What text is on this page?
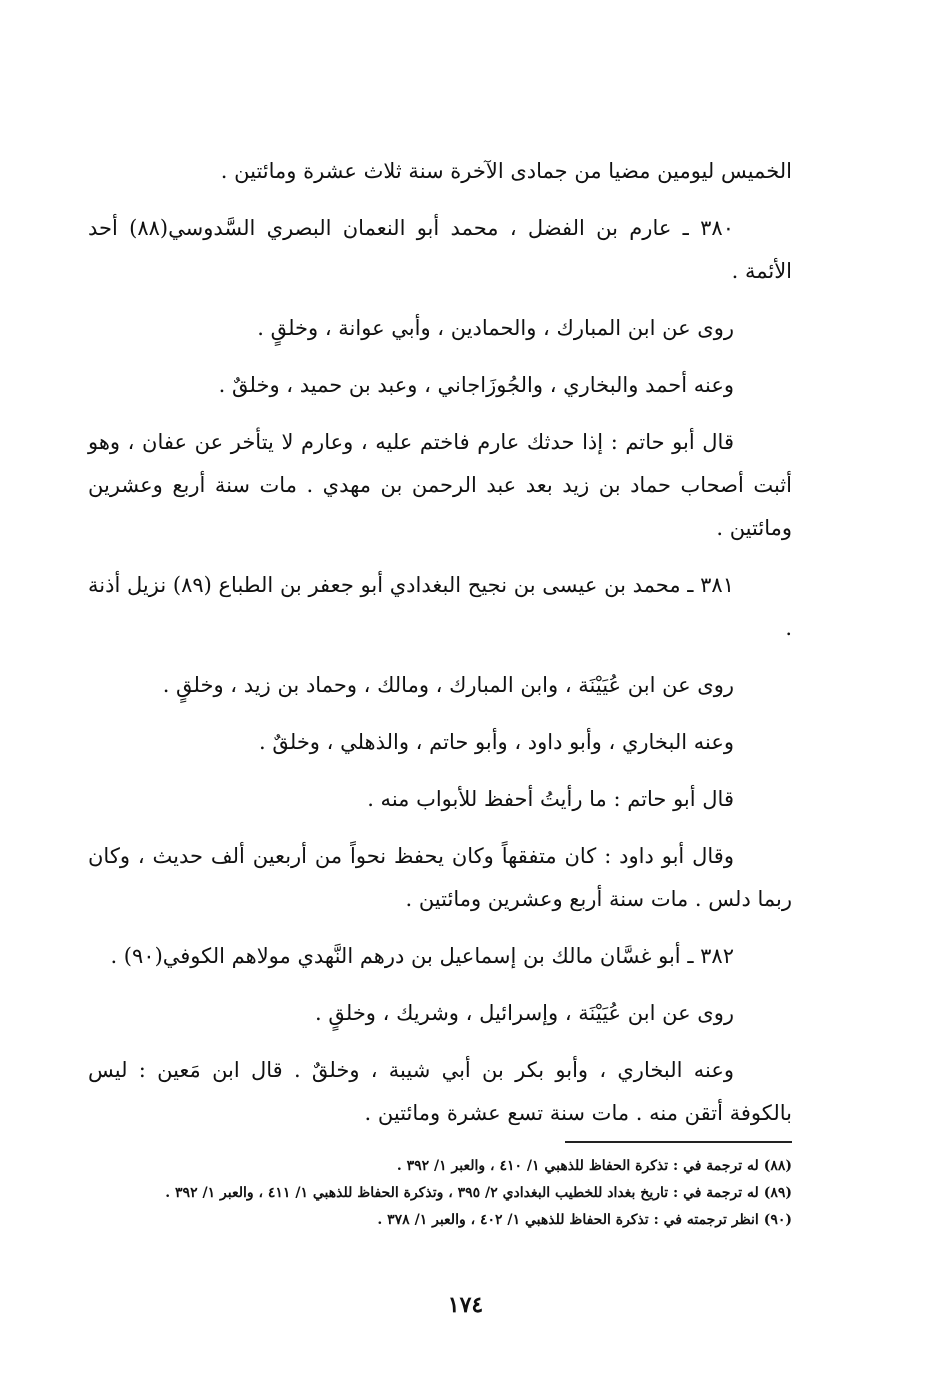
الخميس ليومين مضيا من جمادى الآخرة سنة ثلاث عشرة ومائتين .

٣٨٠ ـ عارم بن الفضل ، محمد أبو النعمان البصري السَّدوسي(٨٨) أحد الأئمة .

روى عن ابن المبارك ، والحمادين ، وأبي عوانة ، وخلقٍ .

وعنه أحمد والبخاري ، والجُوزَاجاني ، وعبد بن حميد ، وخلقٌ .

قال أبو حاتم : إذا حدثك عارم فاختم عليه ، وعارم لا يتأخر عن عفان ، وهو أثبت أصحاب حماد بن زيد بعد عبد الرحمن بن مهدي . مات سنة أربع وعشرين ومائتين .

٣٨١ ـ محمد بن عيسى بن نجيح البغدادي أبو جعفر بن الطباع (٨٩) نزيل أذنة .

روى عن ابن عُيَيْنَة ، وابن المبارك ، ومالك ، وحماد بن زيد ، وخلقٍ .

وعنه البخاري ، وأبو داود ، وأبو حاتم ، والذهلي ، وخلقٌ .

قال أبو حاتم : ما رأيتُ أحفظ للأبواب منه .

وقال أبو داود : كان متفقهاً وكان يحفظ نحواً من أربعين ألف حديث ، وكان ربما دلس . مات سنة أربع وعشرين ومائتين .

٣٨٢ ـ أبو غسَّان مالك بن إسماعيل بن درهم النَّهدي مولاهم الكوفي(٩٠) .

روى عن ابن عُيَيْنَة ، وإسرائيل ، وشريك ، وخلقٍ .

وعنه البخاري ، وأبو بكر بن أبي شيبة ، وخلقٌ . قال ابن مَعين : ليس بالكوفة أتقن منه . مات سنة تسع عشرة ومائتين .

(٨٨) له ترجمة في : تذكرة الحفاظ للذهبي ١/ ٤١٠ ، والعبر ١/ ٣٩٢ .

(٨٩) له ترجمة في : تاريخ بغداد للخطيب البغدادي ٢/ ٣٩٥ ، وتذكرة الحفاظ للذهبي ١/ ٤١١ ، والعبر ١/ ٣٩٢ .

(٩٠) انظر ترجمته في : تذكرة الحفاظ للذهبي ١/ ٤٠٢ ، والعبر ١/ ٣٧٨ .

١٧٤
